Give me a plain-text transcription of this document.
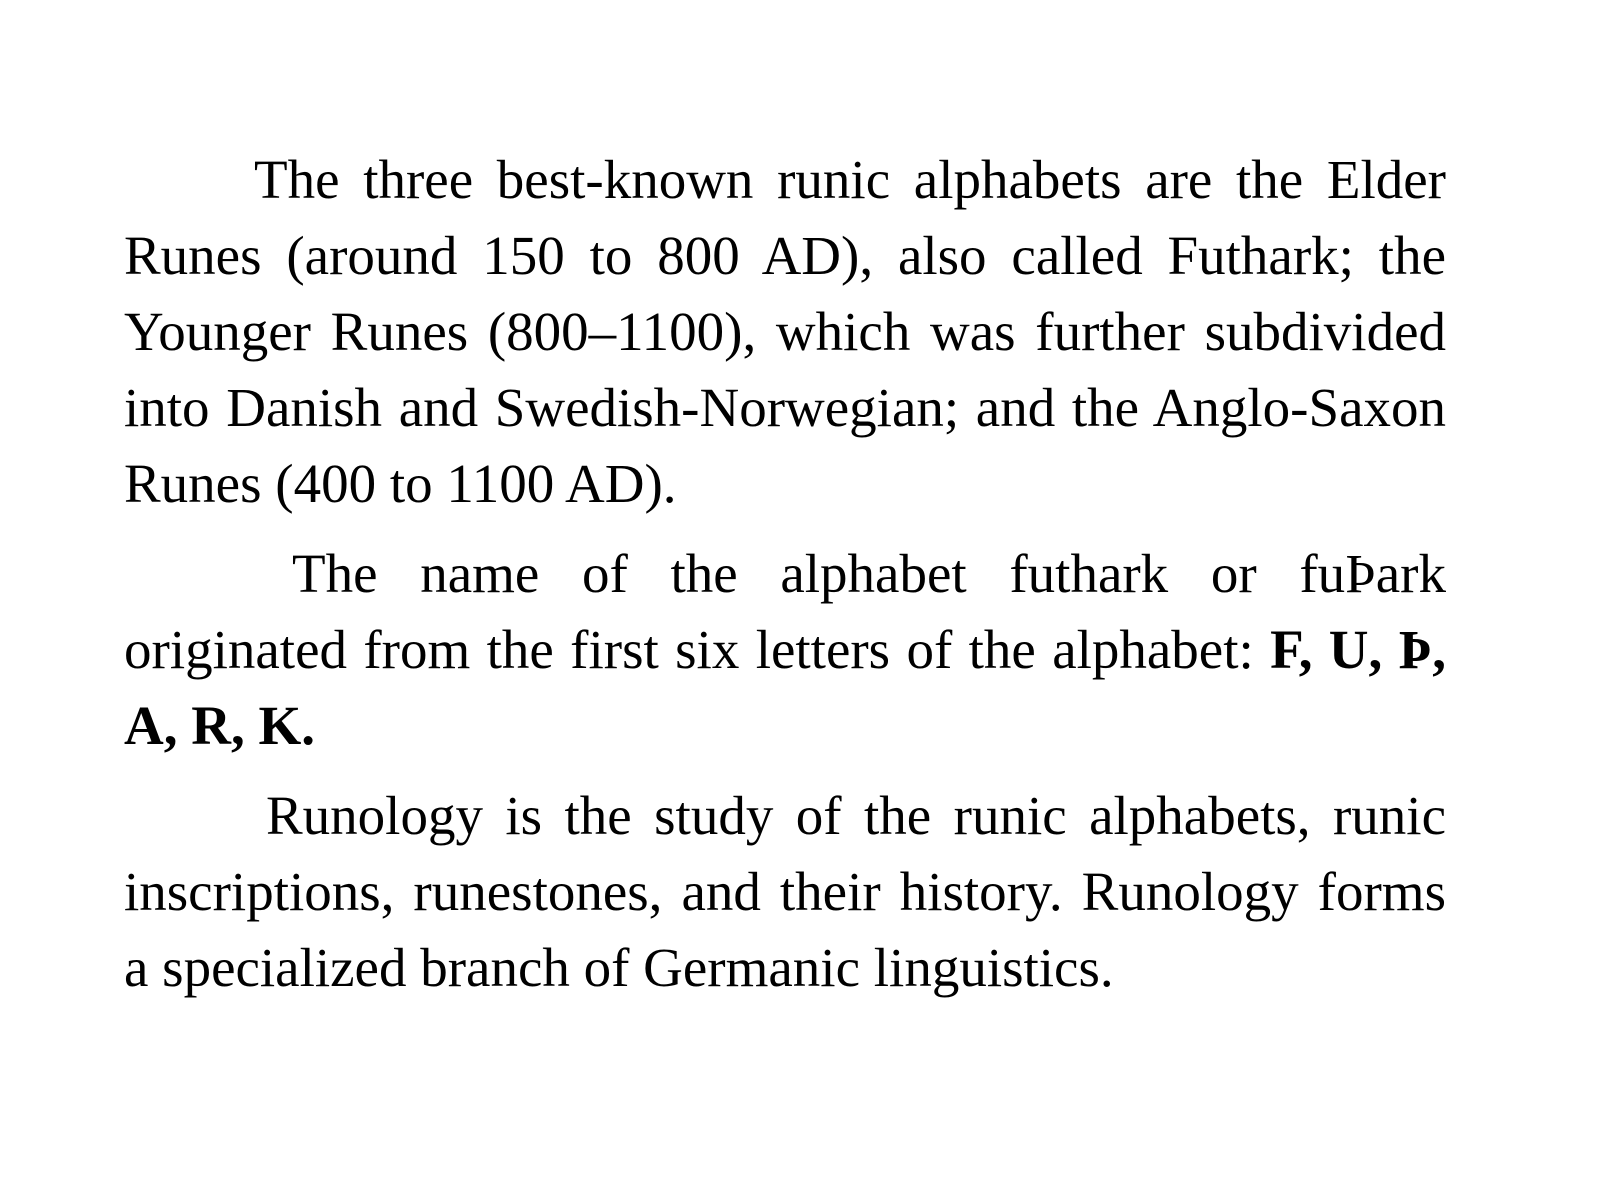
The three best-known runic alphabets are the Elder Runes (around 150 to 800 AD), also called Futhark; the Younger Runes (800–1100), which was further subdivided into Danish and Swedish-Norwegian; and the Anglo-Saxon Runes (400 to 1100 AD).

The name of the alphabet futhark or fuÞark originated from the first six letters of the alphabet: F, U, Þ, A, R, K.

Runology is the study of the runic alphabets, runic inscriptions, runestones, and their history. Runology forms a specialized branch of Germanic linguistics.
